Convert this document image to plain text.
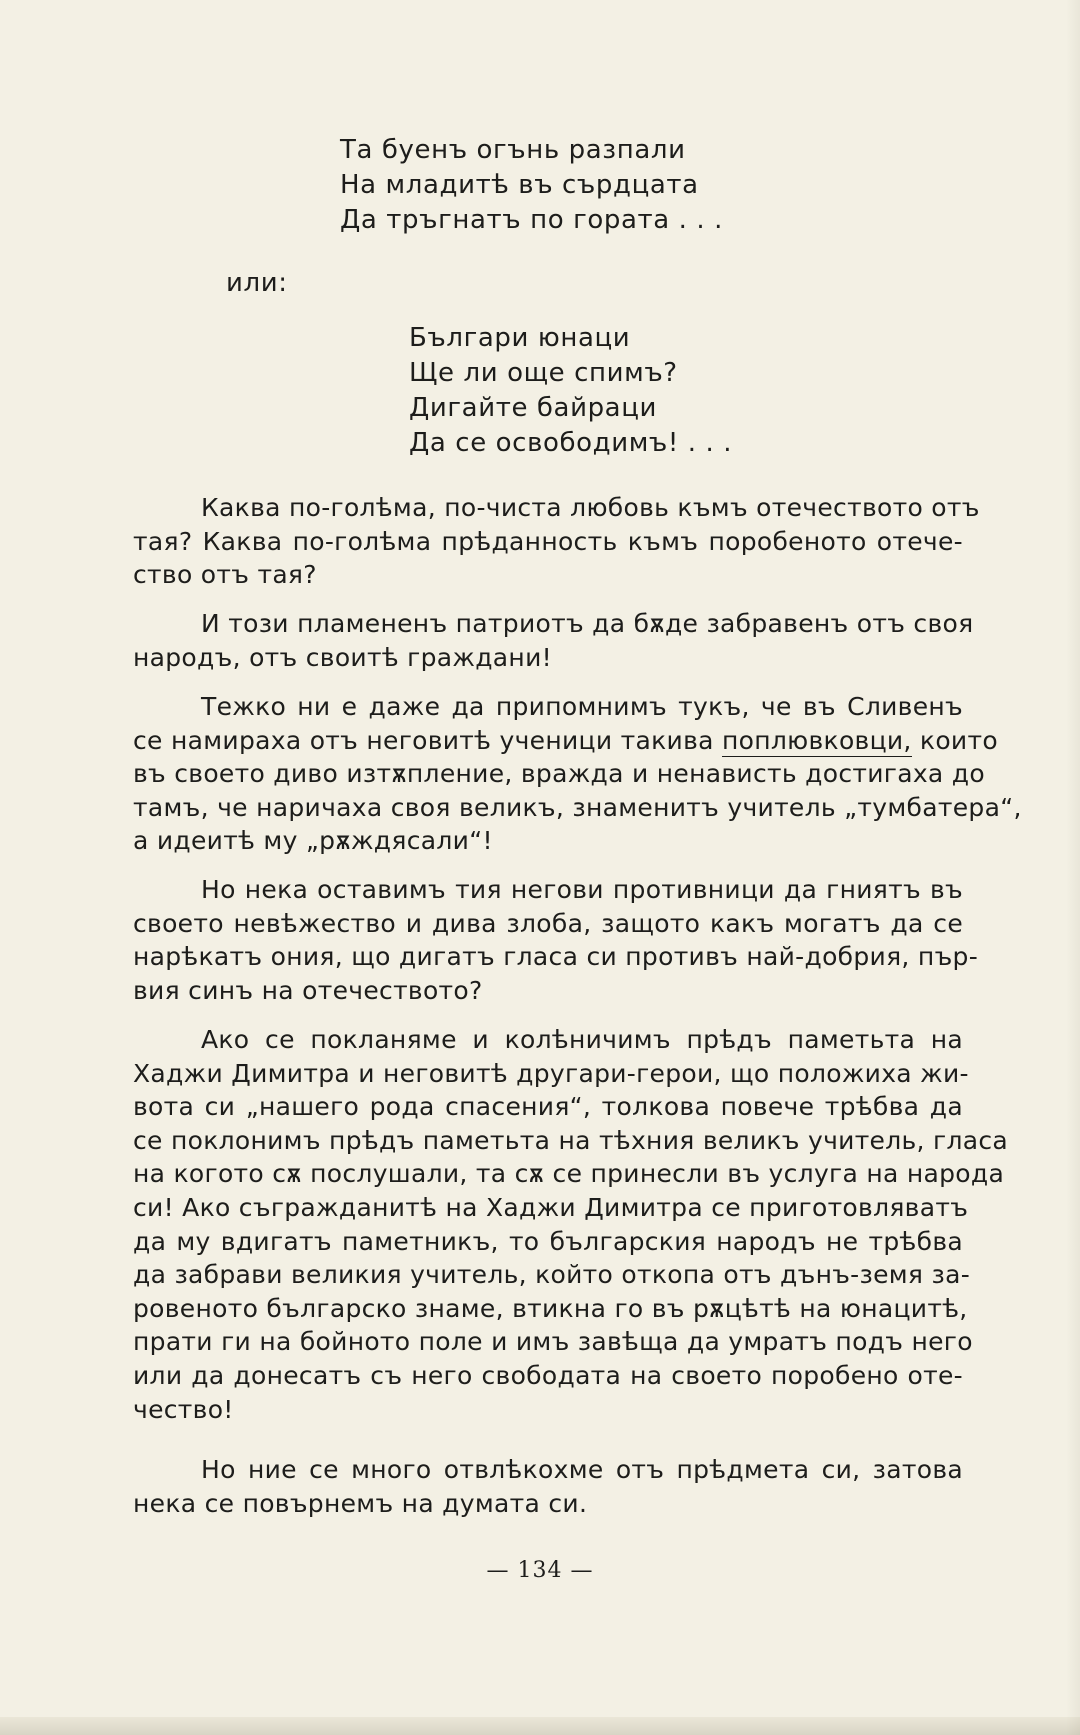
Та буенъ огънь разпали
На младитѣ въ сърдцата
Да тръгнатъ по гората . . .
или:
Българи юнаци
Ще ли още спимъ?
Дигайте байраци
Да се освободимъ! . . .
Каква по-голѣма, по-чиста любовь къмъ отечеството отъ
тая? Каква по-голѣма прѣданность къмъ поробеното отече-
ство отъ тая?
И този пламененъ патриотъ да бѫде забравенъ отъ своя
народъ, отъ своитѣ граждани!
Тежко ни е даже да припомнимъ тукъ, че въ Сливенъ
се намираха отъ неговитѣ ученици такива поплювковци, които
въ своето диво изтѫпление, вражда и ненависть достигаха до
тамъ, че наричаха своя великъ, знаменитъ учитель „тумбатера“,
а идеитѣ му „рѫждясали“!
Но нека оставимъ тия негови противници да гниятъ въ
своето невѣжество и дива злоба, защото какъ могатъ да се
нарѣкатъ ония, що дигатъ гласа си противъ най-добрия, пър-
вия синъ на отечеството?
Ако се покланяме и колѣничимъ прѣдъ паметьта на
Хаджи Димитра и неговитѣ другари-герои, що положиха жи-
вота си „нашего рода спасения“, толкова повече трѣбва да
се поклонимъ прѣдъ паметьта на тѣхния великъ учитель, гласа
на когото сѫ послушали, та сѫ се принесли въ услуга на народа
си! Ако съгражданитѣ на Хаджи Димитра се приготовляватъ
да му вдигатъ паметникъ, то българския народъ не трѣбва
да забрави великия учитель, който откопа отъ дънъ-земя за-
ровеното българско знаме, втикна го въ рѫцѣтѣ на юнацитѣ,
прати ги на бойното поле и имъ завѣща да умратъ подъ него
или да донесатъ съ него свободата на своето поробено оте-
чество!
Но ние се много отвлѣкохме отъ прѣдмета си, затова
нека се повърнемъ на думата си.
— 134 —
